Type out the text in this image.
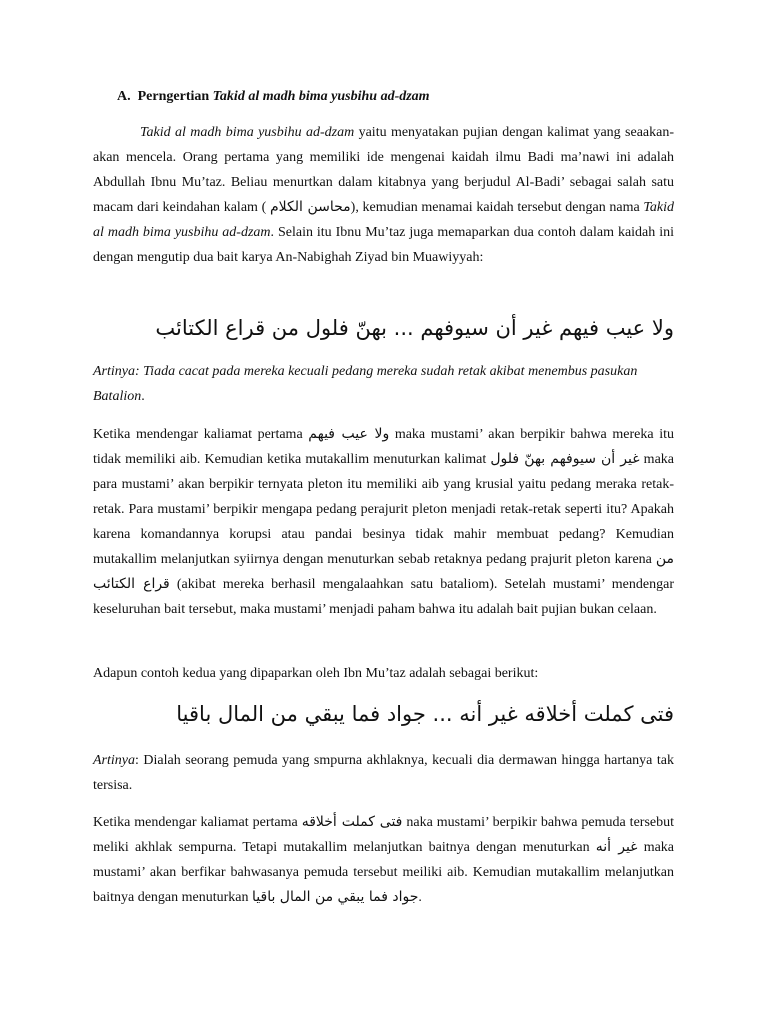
A. Perngertian Takid al madh bima yusbihu ad-dzam

Takid al madh bima yusbihu ad-dzam yaitu menyatakan pujian dengan kalimat yang seaakan-akan mencela. Orang pertama yang memiliki ide mengenai kaidah ilmu Badi ma’nawi ini adalah Abdullah Ibnu Mu’taz. Beliau menurtkan dalam kitabnya yang berjudul Al-Badi’ sebagai salah satu macam dari keindahan kalam ( محاسن الكلام), kemudian menamai kaidah tersebut dengan nama Takid al madh bima yusbihu ad-dzam. Selain itu Ibnu Mu’taz juga memaparkan dua contoh dalam kaidah ini dengan mengutip dua bait karya An-Nabighah Ziyad bin Muawiyyah:

ولا عيب فيهم غير أن سيوفهم ... بهنّ فلول من قراع الكتائب

Artinya: Tiada cacat pada mereka kecuali pedang mereka sudah retak akibat menembus pasukan Batalion.

Ketika mendengar kaliamat pertama ولا عيب فيهم maka mustami’ akan berpikir bahwa mereka itu tidak memiliki aib. Kemudian ketika mutakallim menuturkan kalimat غير أن سيوفهم بهنّ فلول maka para mustami’ akan berpikir ternyata pleton itu memiliki aib yang krusial yaitu pedang meraka retak-retak. Para mustami’ berpikir mengapa pedang perajurit pleton menjadi retak-retak seperti itu? Apakah karena komandannya korupsi atau pandai besinya tidak mahir membuat pedang? Kemudian mutakallim melanjutkan syiirnya dengan menuturkan sebab retaknya pedang prajurit pleton karena من قراع الكتائب (akibat mereka berhasil mengalaahkan satu bataliom). Setelah mustami’ mendengar keseluruhan bait tersebut, maka mustami’ menjadi paham bahwa itu adalah bait pujian bukan celaan.

Adapun contoh kedua yang dipaparkan oleh Ibn Mu’taz adalah sebagai berikut:

فتى كملت أخلاقه غير أنه ... جواد فما يبقي من المال باقيا

Artinya: Dialah seorang pemuda yang smpurna akhlaknya, kecuali dia dermawan hingga hartanya tak tersisa.

Ketika mendengar kaliamat pertama فتى كملت أخلاقه naka mustami’ berpikir bahwa pemuda tersebut meliki akhlak sempurna. Tetapi mutakallim melanjutkan baitnya dengan menuturkan غير أنه maka mustami’ akan berfikar bahwasanya pemuda tersebut meiliki aib. Kemudian mutakallim melanjutkan baitnya dengan menuturkan جواد فما يبقي من المال باقيا.
